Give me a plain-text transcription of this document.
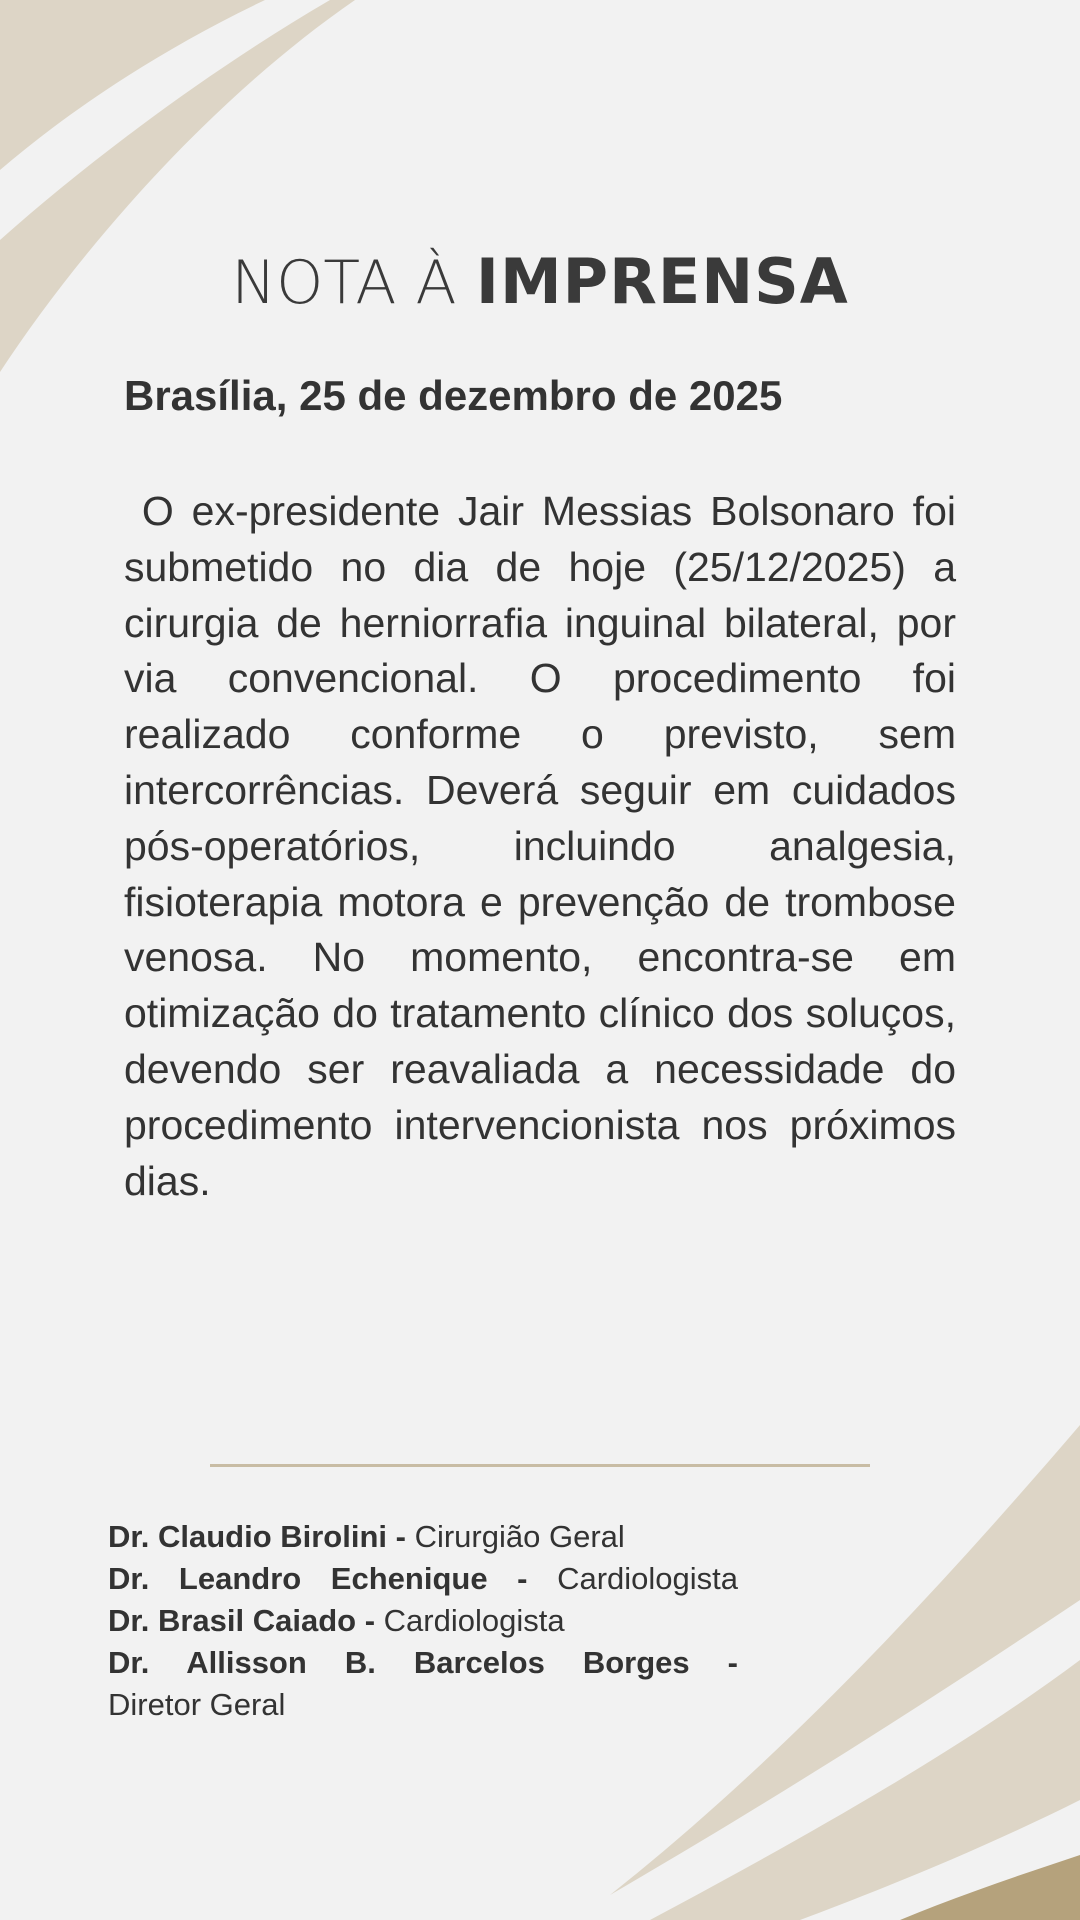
NOTA À IMPRENSA
Brasília, 25 de dezembro de 2025
O ex-presidente Jair Messias Bolsonaro foi submetido no dia de hoje (25/12/2025) a cirurgia de herniorrafia inguinal bilateral, por via convencional. O procedimento foi realizado conforme o previsto, sem intercorrências. Deverá seguir em cuidados pós-operatórios, incluindo analgesia, fisioterapia motora e prevenção de trombose venosa. No momento, encontra-se em otimização do tratamento clínico dos soluços, devendo ser reavaliada a necessidade do procedimento intervencionista nos próximos dias.
Dr. Claudio Birolini - Cirurgião Geral
Dr. Leandro Echenique - Cardiologista
Dr. Brasil Caiado - Cardiologista
Dr. Allisson B. Barcelos Borges -
Diretor Geral
